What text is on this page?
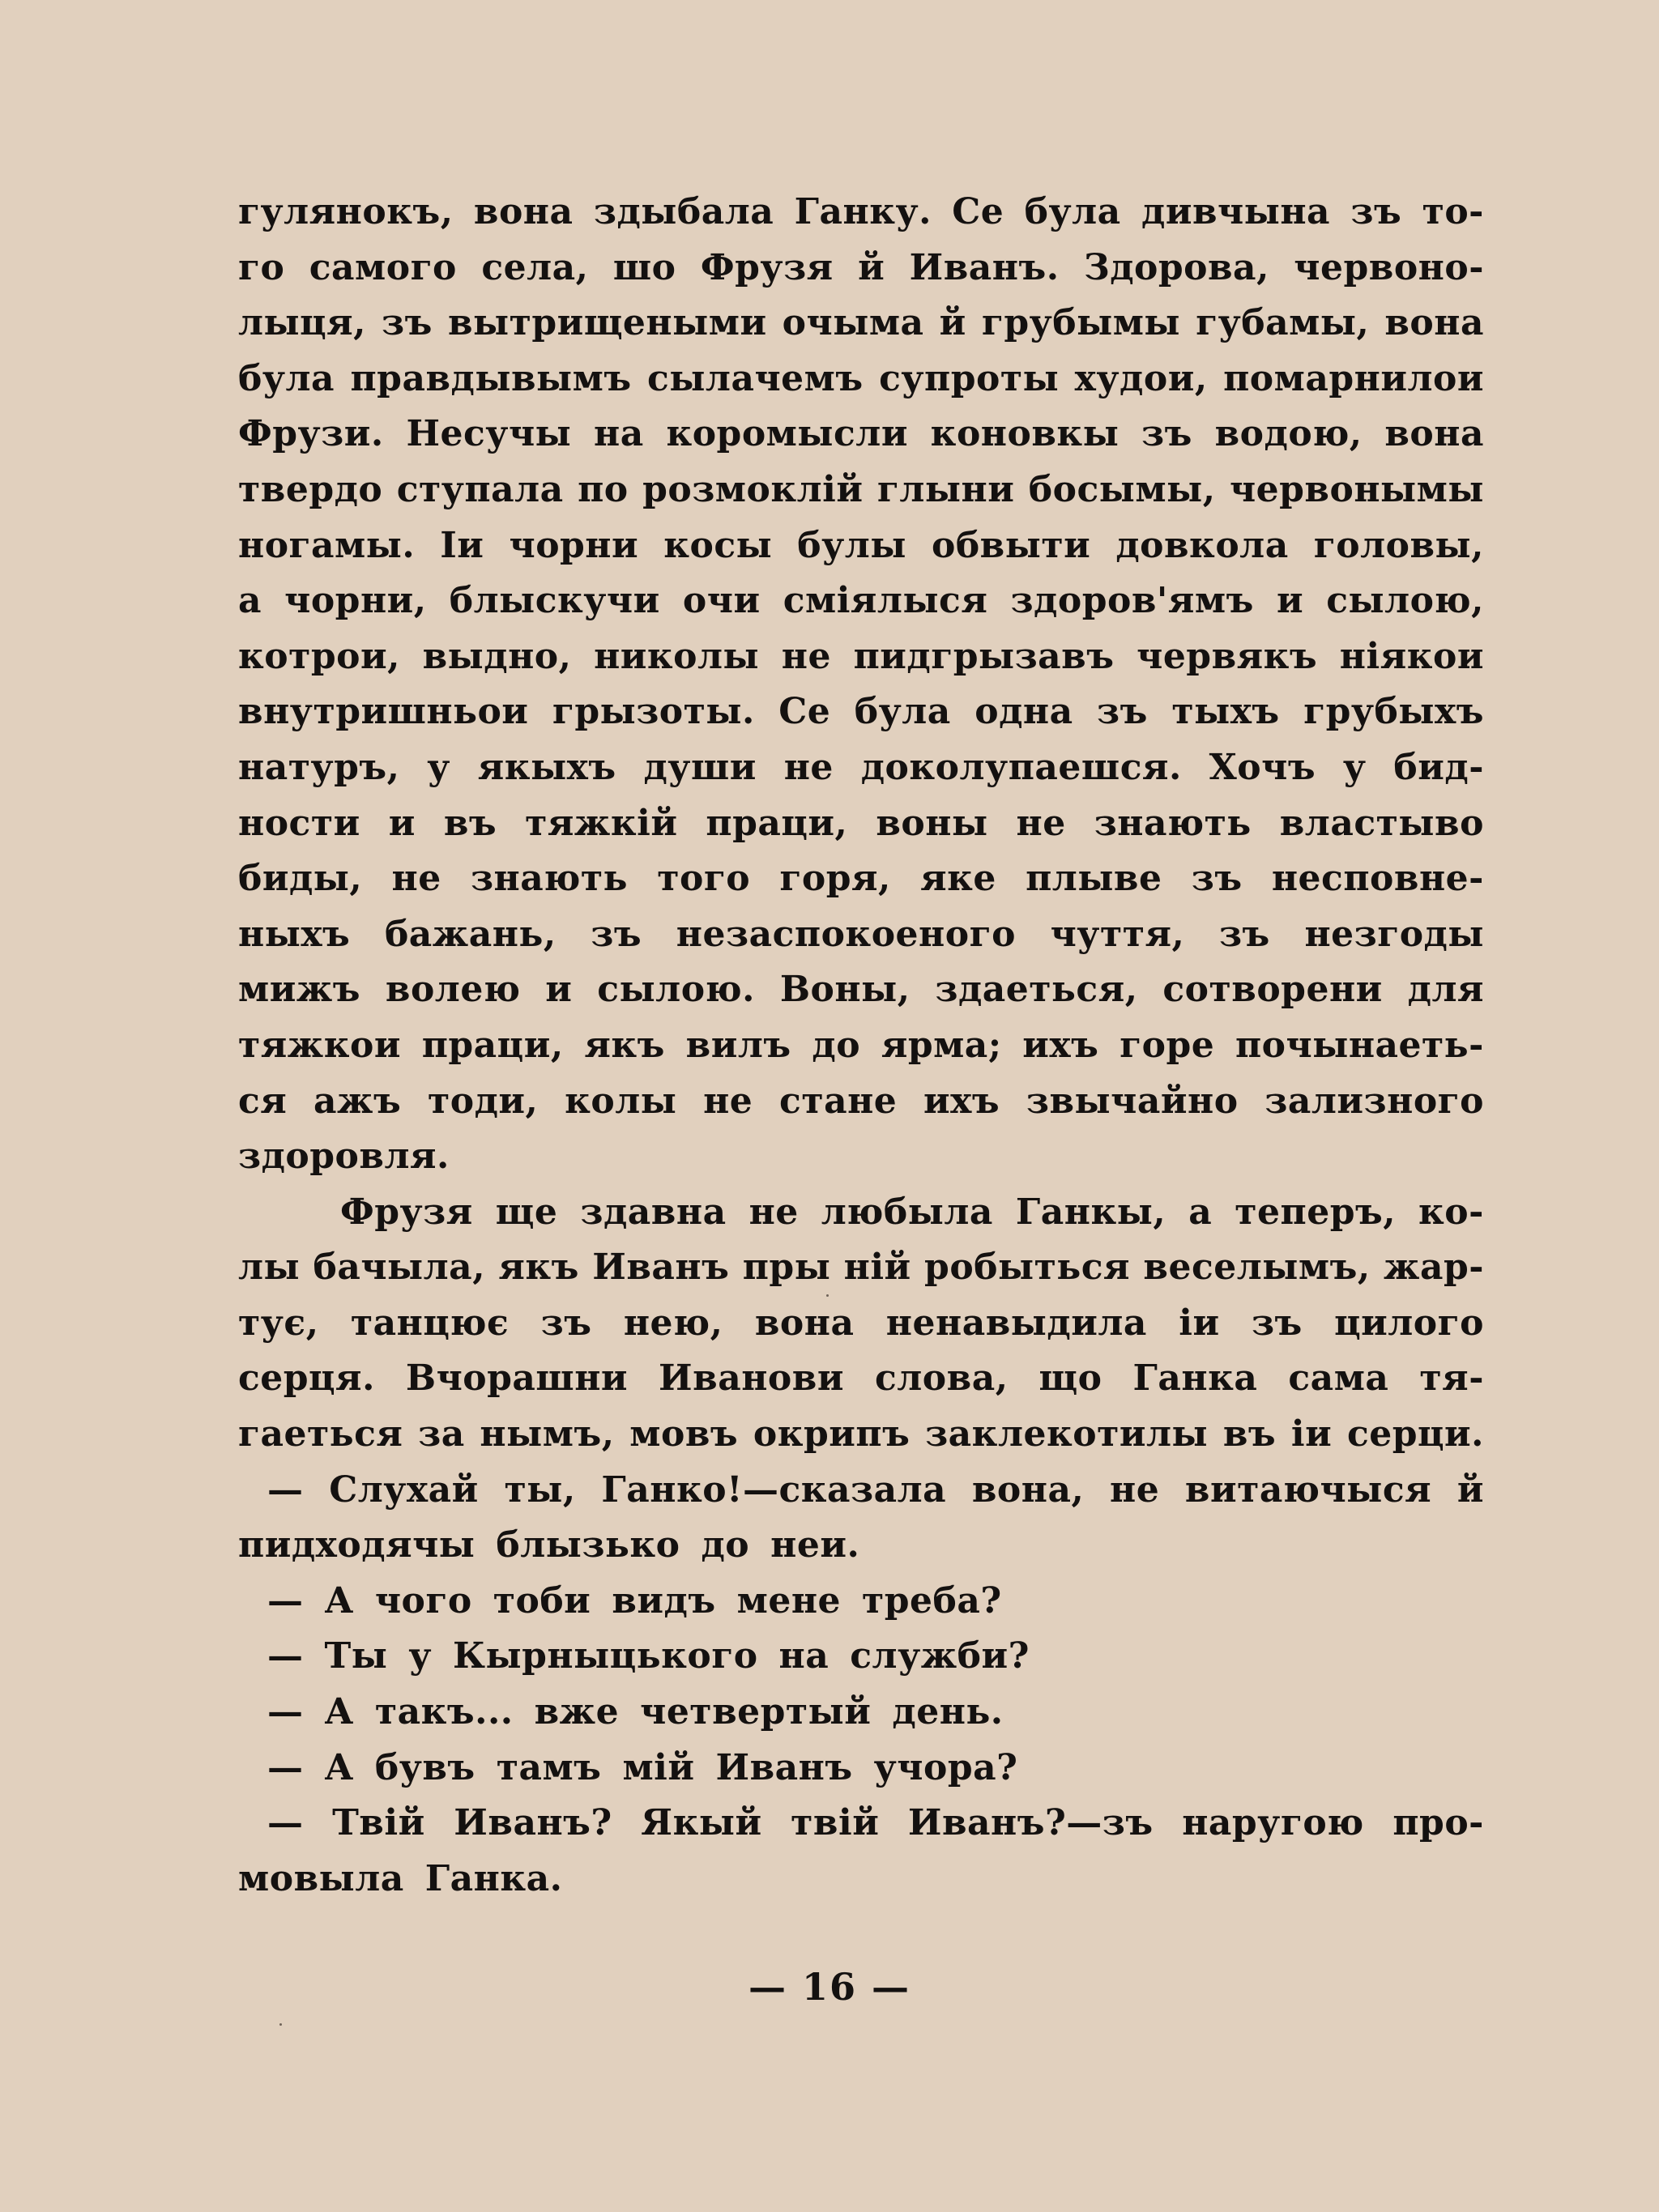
гулянокъ, вона здыбала Ганку. Се була дивчына зъ то-
го самого села, шо Фрузя й Иванъ. Здорова, червоно-
лыця, зъ вытрищеными очыма й грубымы губамы, вона
була правдывымъ сылачемъ супроты худои, помарнилои
Фрузи. Несучы на коромысли коновкы зъ водою, вона
твердо ступала по розмоклій глыни босымы, червонымы
ногамы. Іи чорни косы булы обвыти довкола головы,
а чорни, блыскучи очи сміялыся здоров'ямъ и сылою,
котрои, выдно, николы не пидгрызавъ червякъ ніякои
внутришньои грызоты. Се була одна зъ тыхъ грубыхъ
натуръ, у якыхъ души не доколупаешся. Хочъ у бид-
ности и въ тяжкій праци, воны не знають властыво
биды, не знають того горя, яке плыве зъ несповне-
ныхъ бажань, зъ незаспокоеного чуття, зъ незгоды
мижъ волею и сылою. Воны, здаеться, сотворени для
тяжкои праци, якъ вилъ до ярма; ихъ горе почынаеть-
ся ажъ тоди, колы не стане ихъ звычайно зализного
здоровля.
Фрузя ще здавна не любыла Ганкы, а теперъ, ко-
лы бачыла, якъ Иванъ пры ній робыться веселымъ, жар-
тує, танцює зъ нею, вона ненавыдила іи зъ цилого
серця. Вчорашни Иванови слова, що Ганка сама тя-
гаеться за нымъ, мовъ окрипъ заклекотилы въ іи серци.
— Слухай ты, Ганко!—сказала вона, не витаючыся й
пидходячы блызько до неи.
— А чого тоби видъ мене треба?
— Ты у Кырныцького на служби?
— А такъ... вже четвертый день.
— А бувъ тамъ мій Иванъ учора?
— Твій Иванъ? Якый твій Иванъ?—зъ наругою про-
мовыла Ганка.
— 16 —
